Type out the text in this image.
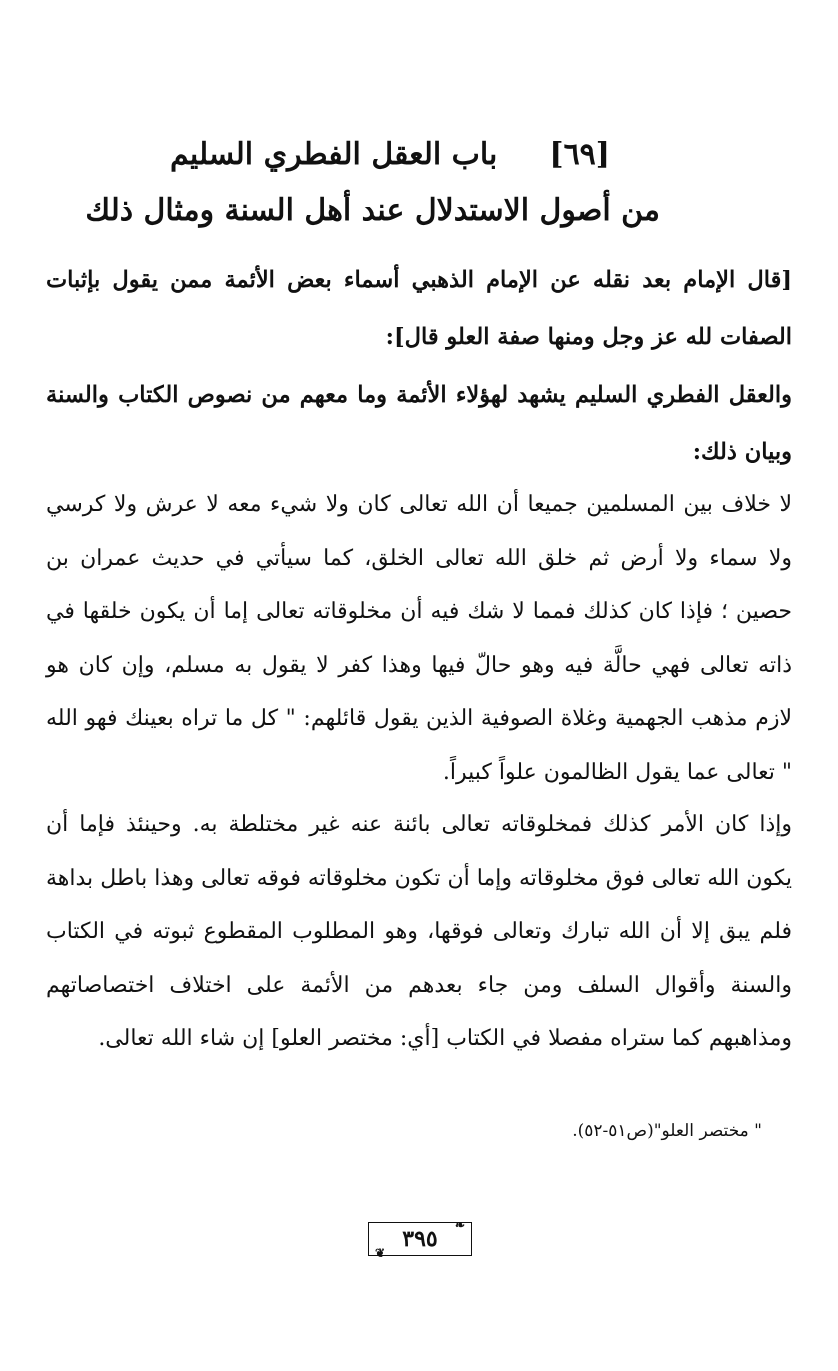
[٦٩]
باب العقل الفطري السليم
من أصول الاستدلال عند أهل السنة ومثال ذلك
[قال الإمام بعد نقله عن الإمام الذهبي أسماء بعض الأئمة ممن يقول بإثبات الصفات لله عز وجل ومنها صفة العلو قال]:
والعقل الفطري السليم يشهد لهؤلاء الأئمة وما معهم من نصوص الكتاب والسنة وبيان ذلك:
لا خلاف بين المسلمين جميعا أن الله تعالى كان ولا شيء معه لا عرش ولا كرسي ولا سماء ولا أرض ثم خلق الله تعالى الخلق، كما سيأتي في حديث عمران بن حصين ؛ فإذا كان كذلك فمما لا شك فيه أن مخلوقاته تعالى إما أن يكون خلقها في ذاته تعالى فهي حالَّة فيه وهو حالّ فيها وهذا كفر لا يقول به مسلم، وإن كان هو لازم مذهب الجهمية وغلاة الصوفية الذين يقول قائلهم: " كل ما تراه بعينك فهو الله " تعالى عما يقول الظالمون علواً كبيراً.
وإذا كان الأمر كذلك فمخلوقاته تعالى بائنة عنه غير مختلطة به. وحينئذ فإما أن يكون الله تعالى فوق مخلوقاته وإما أن تكون مخلوقاته فوقه تعالى وهذا باطل بداهة فلم يبق إلا أن الله تبارك وتعالى فوقها، وهو المطلوب المقطوع ثبوته في الكتاب والسنة وأقوال السلف ومن جاء بعدهم من الأئمة على اختلاف اختصاصاتهم ومذاهبهم كما ستراه مفصلا في الكتاب [أي: مختصر العلو] إن شاء الله تعالى.
" مختصر العلو"(ص٥١-٥٢).
❧
٣٩٥
❦
